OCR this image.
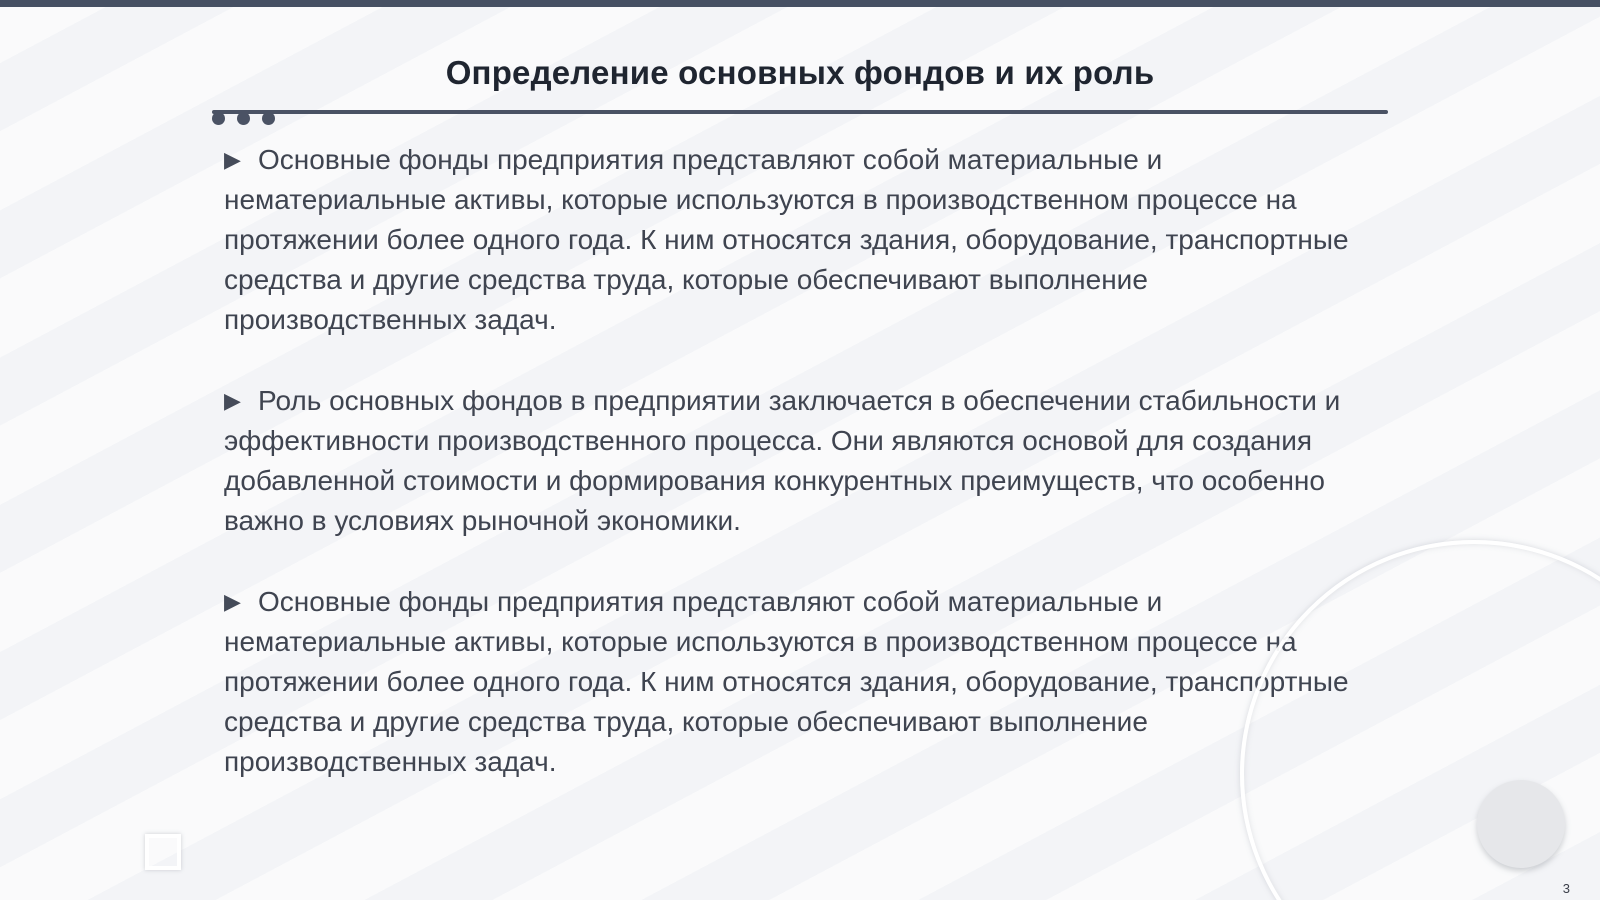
Определение основных фондов и их роль

▶ Основные фонды предприятия представляют собой материальные и нематериальные активы, которые используются в производственном процессе на протяжении более одного года. К ним относятся здания, оборудование, транспортные средства и другие средства труда, которые обеспечивают выполнение производственных задач.

▶ Роль основных фондов в предприятии заключается в обеспечении стабильности и эффективности производственного процесса. Они являются основой для создания добавленной стоимости и формирования конкурентных преимуществ, что особенно важно в условиях рыночной экономики.

▶ Основные фонды предприятия представляют собой материальные и нематериальные активы, которые используются в производственном процессе на протяжении более одного года. К ним относятся здания, оборудование, транспортные средства и другие средства труда, которые обеспечивают выполнение производственных задач.

3
